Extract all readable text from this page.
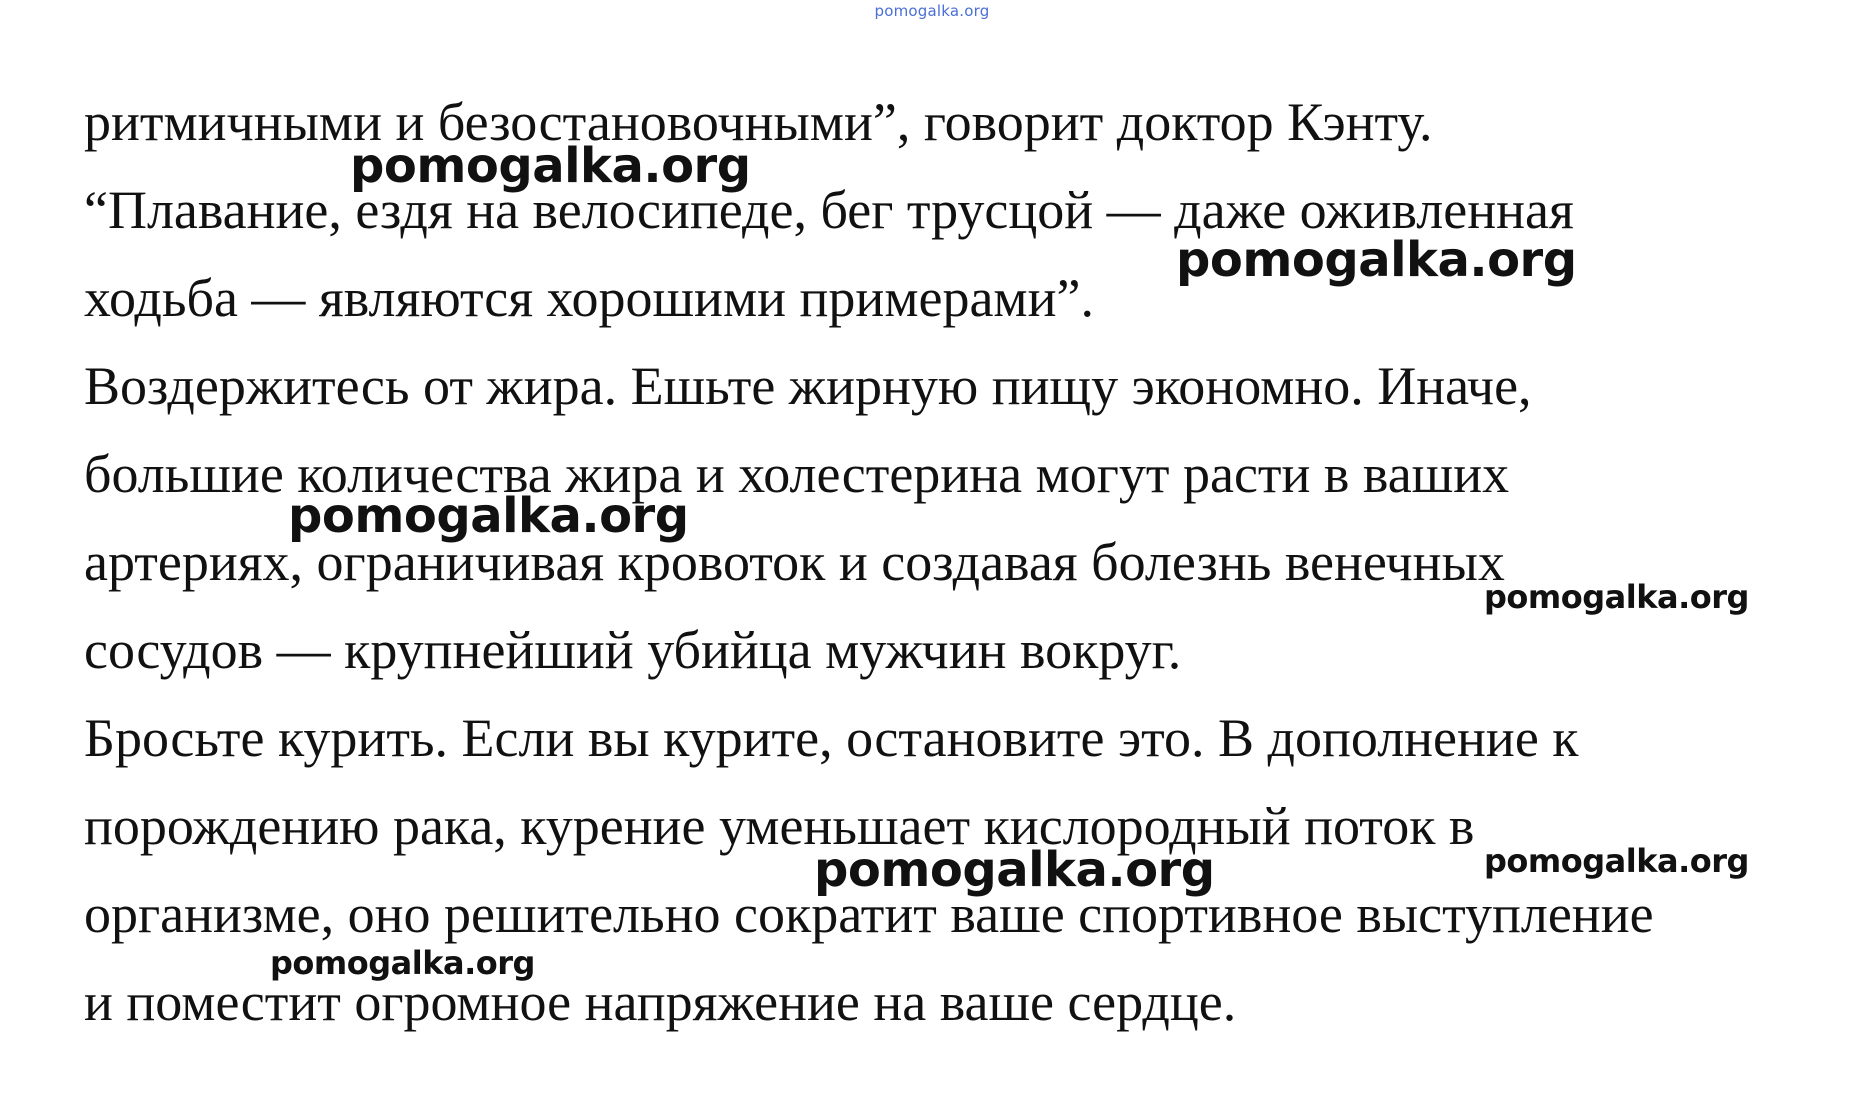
pomogalka.org
ритмичными и безостановочными”, говорит доктор Кэнту.
“Плавание, ездя на велосипеде, бег трусцой — даже оживленная
ходьба — являются хорошими примерами”.
Воздержитесь от жира. Ешьте жирную пищу экономно. Иначе,
большие количества жира и холестерина могут расти в ваших
артериях, ограничивая кровоток и создавая болезнь венечных
сосудов — крупнейший убийца мужчин вокруг.
Бросьте курить. Если вы курите, остановите это. В дополнение к
порождению рака, курение уменьшает кислородный поток в
организме, оно решительно сократит ваше спортивное выступление
и поместит огромное напряжение на ваше сердце.
pomogalka.org
pomogalka.org
pomogalka.org
pomogalka.org
pomogalka.org	pomogalka.org
pomogalka.org
